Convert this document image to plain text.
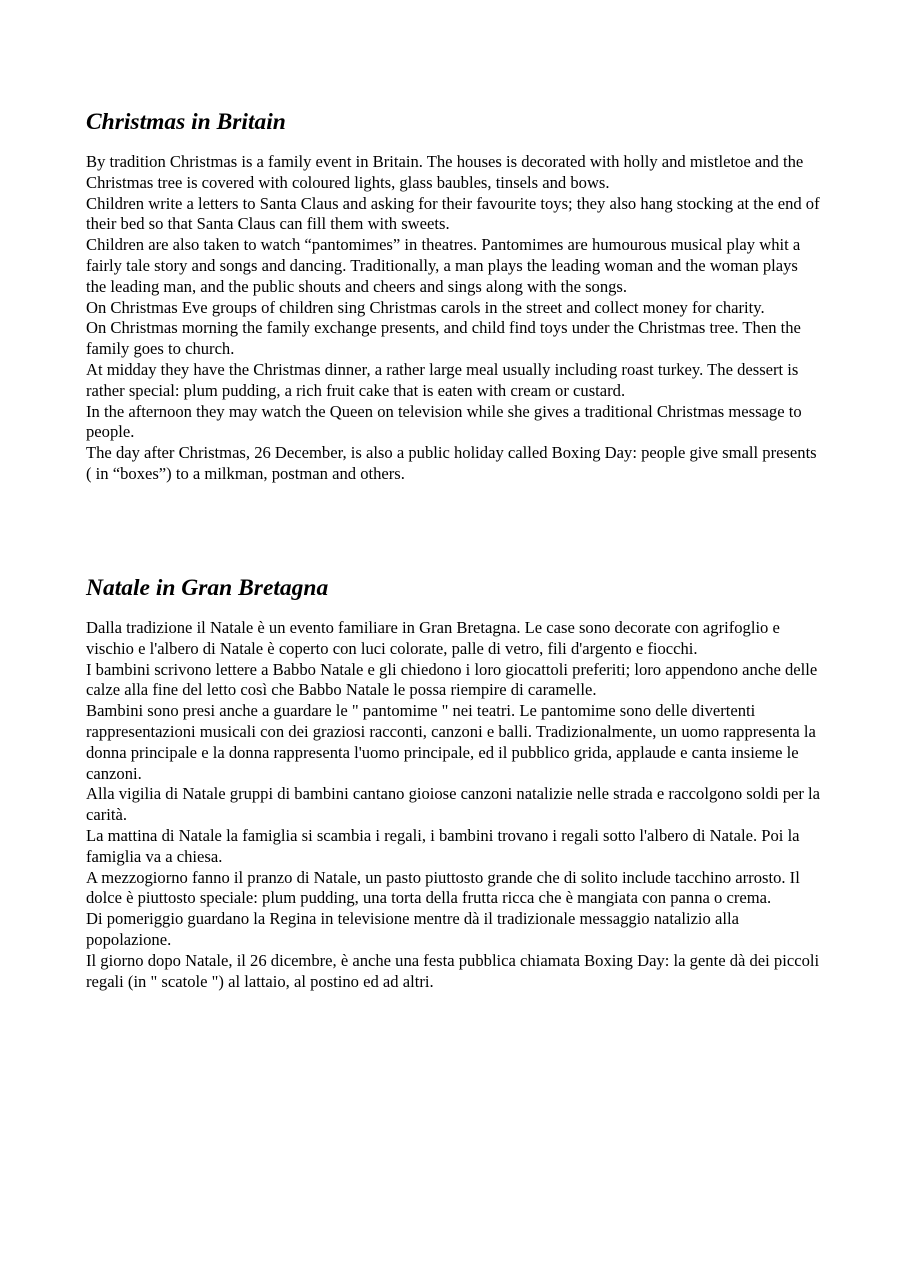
Christmas in Britain

By tradition Christmas is a family event in Britain. The houses is decorated with holly and mistletoe and the Christmas tree is covered with coloured lights, glass baubles, tinsels and bows.

Children write a letters to Santa Claus and asking for their favourite toys; they also hang stocking at the end of their bed so that Santa Claus can fill them with sweets.

Children are also taken to watch “pantomimes” in theatres. Pantomimes are humourous musical play whit a fairly tale story and songs and dancing. Traditionally, a man plays the leading woman and the woman plays the leading man, and the public shouts and cheers and sings along with the songs.

On Christmas Eve groups of children sing Christmas carols in the street and collect money for charity.

On Christmas morning the family exchange presents, and child find toys under the Christmas tree. Then the family goes to church.

At midday they have the Christmas dinner, a rather large meal usually including roast turkey. The dessert is rather special: plum pudding, a rich fruit cake that is eaten with cream or custard.

In the afternoon they may watch the Queen on television while she gives a traditional Christmas message to people.

The day after Christmas, 26 December, is also a public holiday called Boxing Day: people give small presents ( in “boxes”) to a milkman, postman and others.

Natale in Gran Bretagna

Dalla tradizione il Natale è un evento familiare in Gran Bretagna. Le case sono decorate con agrifoglio e vischio e l'albero di Natale è coperto con luci colorate, palle di vetro, fili d'argento e fiocchi.

I bambini scrivono lettere a Babbo Natale e gli chiedono i loro giocattoli preferiti; loro appendono anche delle calze alla fine del letto così che Babbo Natale le possa riempire di caramelle.

Bambini sono presi anche a guardare le " pantomime " nei teatri. Le pantomime sono delle divertenti rappresentazioni musicali con dei graziosi racconti, canzoni e balli. Tradizionalmente, un uomo rappresenta la donna principale e la donna rappresenta l'uomo principale, ed il pubblico grida, applaude e canta insieme le canzoni.

Alla vigilia di Natale gruppi di bambini cantano gioiose canzoni natalizie nelle strada e raccolgono soldi per la carità.

La mattina di Natale la famiglia si scambia i regali, i bambini trovano i regali sotto l'albero di Natale. Poi la famiglia va a chiesa.

A mezzogiorno fanno il pranzo di Natale, un pasto piuttosto grande che di solito include tacchino arrosto. Il dolce è piuttosto speciale: plum pudding, una torta della frutta ricca che è mangiata con panna o crema.

Di pomeriggio guardano la Regina in televisione mentre dà il tradizionale messaggio natalizio alla popolazione.

Il giorno dopo Natale, il 26 dicembre, è anche una festa pubblica chiamata Boxing Day: la gente dà dei piccoli regali (in " scatole ") al lattaio, al postino ed ad altri.
